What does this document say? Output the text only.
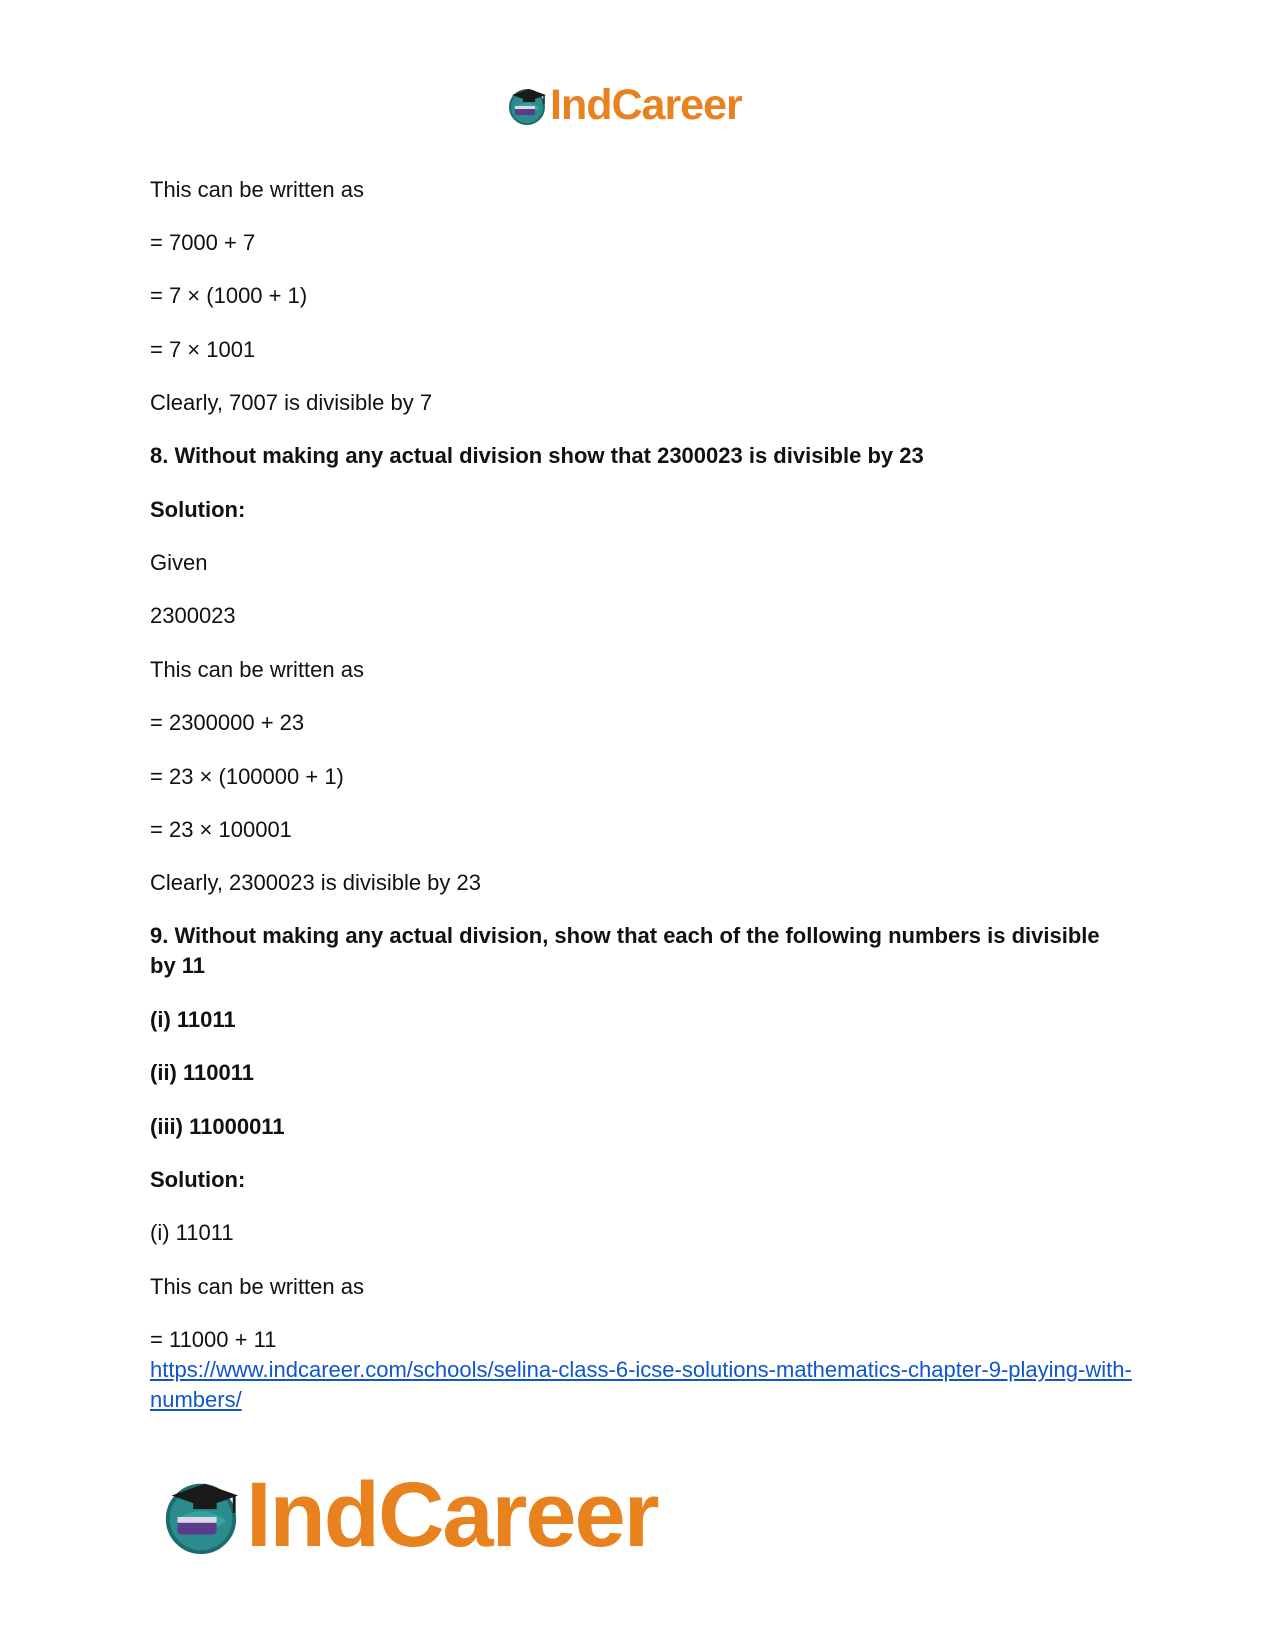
IndCareer
This can be written as
= 7000 + 7
= 7 × (1000 + 1)
= 7 × 1001
Clearly, 7007 is divisible by 7
8. Without making any actual division show that 2300023 is divisible by 23
Solution:
Given
2300023
This can be written as
= 2300000 + 23
= 23 × (100000 + 1)
= 23 × 100001
Clearly, 2300023 is divisible by 23
9. Without making any actual division, show that each of the following numbers is divisible by 11
(i) 11011
(ii) 110011
(iii) 11000011
Solution:
(i) 11011
This can be written as
= 11000 + 11
https://www.indcareer.com/schools/selina-class-6-icse-solutions-mathematics-chapter-9-playing-with-numbers/
IndCareer
